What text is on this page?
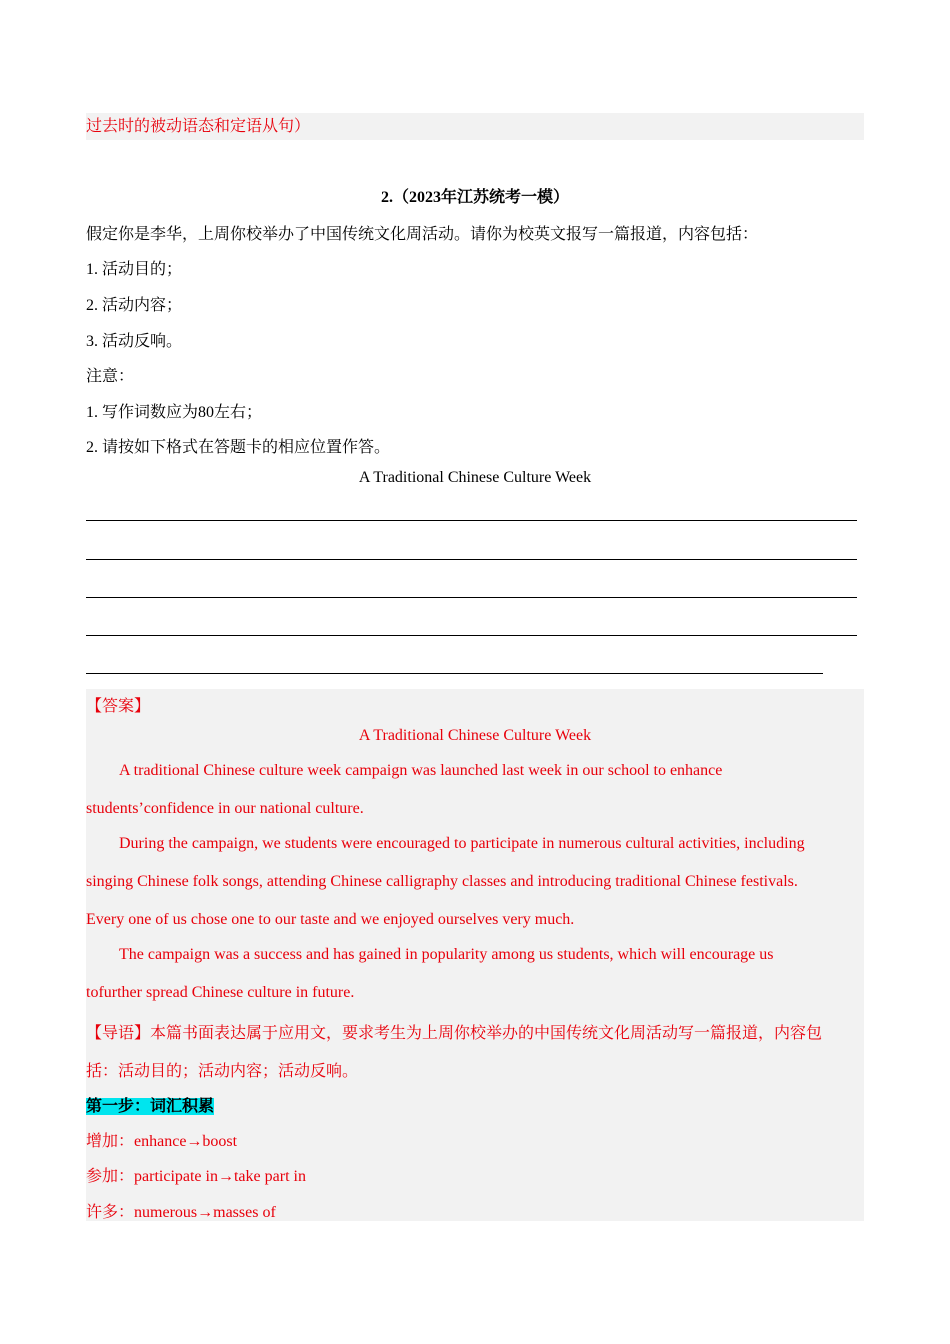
过去时的被动语态和定语从句）
2.（2023年江苏统考一模）
假定你是李华，上周你校举办了中国传统文化周活动。请你为校英文报写一篇报道，内容包括：
1. 活动目的；
2. 活动内容；
3. 活动反响。
注意：
1. 写作词数应为80左右；
2. 请按如下格式在答题卡的相应位置作答。
A Traditional Chinese Culture Week
【答案】
A Traditional Chinese Culture Week
A traditional Chinese culture week campaign was launched last week in our school to enhance
students’confidence in our national culture.
During the campaign, we students were encouraged to participate in numerous cultural activities, including
singing Chinese folk songs, attending Chinese calligraphy classes and introducing traditional Chinese festivals.
Every one of us chose one to our taste and we enjoyed ourselves very much.
The campaign was a success and has gained in popularity among us students, which will encourage us
tofurther spread Chinese culture in future.
【导语】本篇书面表达属于应用文，要求考生为上周你校举办的中国传统文化周活动写一篇报道，内容包
括：活动目的；活动内容；活动反响。
第一步：词汇积累
增加：enhance→boost
参加：participate in→take part in
许多：numerous→masses of
